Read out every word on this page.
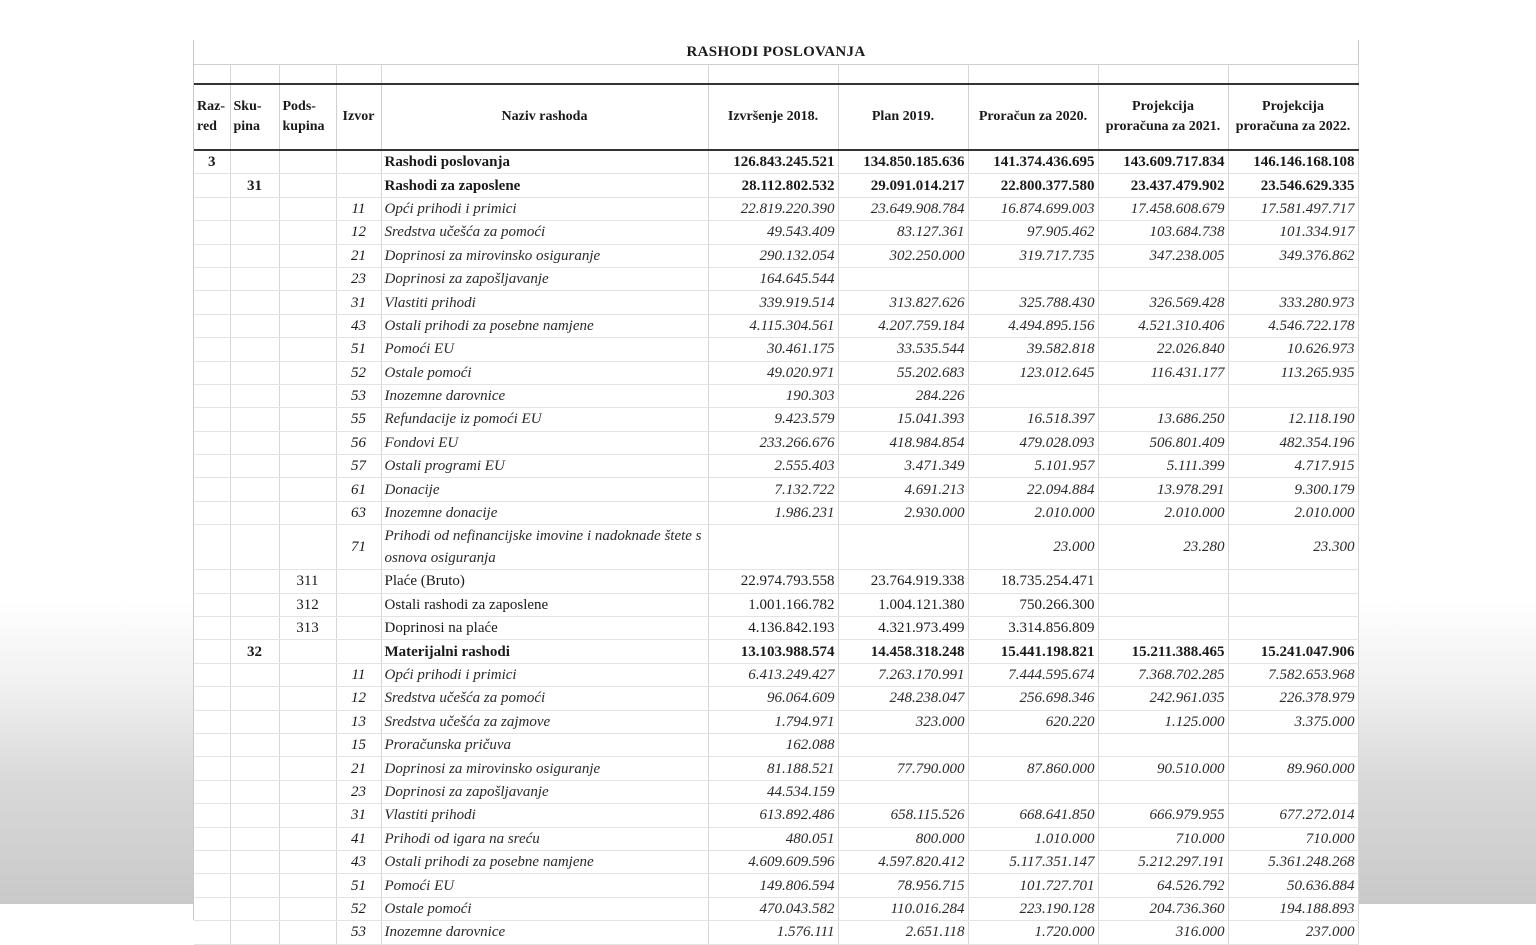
RASHODI POSLOVANJA

Raz-red	Sku-pina	Pods-kupina	Izvor	Naziv rashoda	Izvršenje 2018.	Plan 2019.	Proračun za 2020.	Projekcija proračuna za 2021.	Projekcija proračuna za 2022.
3				Rashodi poslovanja	126.843.245.521	134.850.185.636	141.374.436.695	143.609.717.834	146.146.168.108
	31			Rashodi za zaposlene	28.112.802.532	29.091.014.217	22.800.377.580	23.437.479.902	23.546.629.335
			11	Opći prihodi i primici	22.819.220.390	23.649.908.784	16.874.699.003	17.458.608.679	17.581.497.717
			12	Sredstva učešća za pomoći	49.543.409	83.127.361	97.905.462	103.684.738	101.334.917
			21	Doprinosi za mirovinsko osiguranje	290.132.054	302.250.000	319.717.735	347.238.005	349.376.862
			23	Doprinosi za zapošljavanje	164.645.544				
			31	Vlastiti prihodi	339.919.514	313.827.626	325.788.430	326.569.428	333.280.973
			43	Ostali prihodi za posebne namjene	4.115.304.561	4.207.759.184	4.494.895.156	4.521.310.406	4.546.722.178
			51	Pomoći EU	30.461.175	33.535.544	39.582.818	22.026.840	10.626.973
			52	Ostale pomoći	49.020.971	55.202.683	123.012.645	116.431.177	113.265.935
			53	Inozemne darovnice	190.303	284.226			
			55	Refundacije iz pomoći EU	9.423.579	15.041.393	16.518.397	13.686.250	12.118.190
			56	Fondovi EU	233.266.676	418.984.854	479.028.093	506.801.409	482.354.196
			57	Ostali programi EU	2.555.403	3.471.349	5.101.957	5.111.399	4.717.915
			61	Donacije	7.132.722	4.691.213	22.094.884	13.978.291	9.300.179
			63	Inozemne donacije	1.986.231	2.930.000	2.010.000	2.010.000	2.010.000
			71	Prihodi od nefinancijske imovine i nadoknade štete s osnova osiguranja			23.000	23.280	23.300
		311		Plaće (Bruto)	22.974.793.558	23.764.919.338	18.735.254.471		
		312		Ostali rashodi za zaposlene	1.001.166.782	1.004.121.380	750.266.300		
		313		Doprinosi na plaće	4.136.842.193	4.321.973.499	3.314.856.809		
	32			Materijalni rashodi	13.103.988.574	14.458.318.248	15.441.198.821	15.211.388.465	15.241.047.906
			11	Opći prihodi i primici	6.413.249.427	7.263.170.991	7.444.595.674	7.368.702.285	7.582.653.968
			12	Sredstva učešća za pomoći	96.064.609	248.238.047	256.698.346	242.961.035	226.378.979
			13	Sredstva učešća za zajmove	1.794.971	323.000	620.220	1.125.000	3.375.000
			15	Proračunska pričuva	162.088				
			21	Doprinosi za mirovinsko osiguranje	81.188.521	77.790.000	87.860.000	90.510.000	89.960.000
			23	Doprinosi za zapošljavanje	44.534.159				
			31	Vlastiti prihodi	613.892.486	658.115.526	668.641.850	666.979.955	677.272.014
			41	Prihodi od igara na sreću	480.051	800.000	1.010.000	710.000	710.000
			43	Ostali prihodi za posebne namjene	4.609.609.596	4.597.820.412	5.117.351.147	5.212.297.191	5.361.248.268
			51	Pomoći EU	149.806.594	78.956.715	101.727.701	64.526.792	50.636.884
			52	Ostale pomoći	470.043.582	110.016.284	223.190.128	204.736.360	194.188.893
			53	Inozemne darovnice	1.576.111	2.651.118	1.720.000	316.000	237.000
